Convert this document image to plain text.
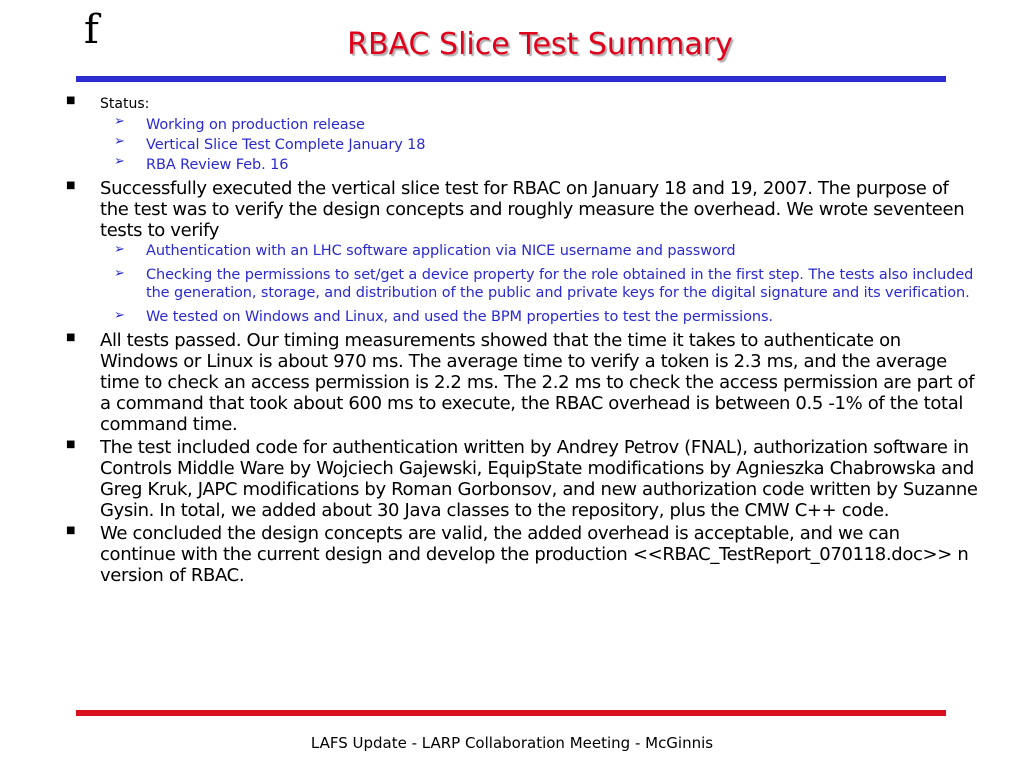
f	RBAC Slice Test Summary
■ Status:
➢ Working on production release
➢ Vertical Slice Test Complete January 18
➢ RBA Review Feb. 16
■ Successfully executed the vertical slice test for RBAC on January 18 and 19, 2007. The purpose of the test was to verify the design concepts and roughly measure the overhead. We wrote seventeen tests to verify
➢ Authentication with an LHC software application via NICE username and password
➢ Checking the permissions to set/get a device property for the role obtained in the first step. The tests also included the generation, storage, and distribution of the public and private keys for the digital signature and its verification.
➢ We tested on Windows and Linux, and used the BPM properties to test the permissions.
■ All tests passed. Our timing measurements showed that the time it takes to authenticate on Windows or Linux is about 970 ms. The average time to verify a token is 2.3 ms, and the average time to check an access permission is 2.2 ms. The 2.2 ms to check the access permission are part of a command that took about 600 ms to execute, the RBAC overhead is between 0.5 -1% of the total command time.
■ The test included code for authentication written by Andrey Petrov (FNAL), authorization software in Controls Middle Ware by Wojciech Gajewski, EquipState modifications by Agnieszka Chabrowska and Greg Kruk, JAPC modifications by Roman Gorbonsov, and new authorization code written by Suzanne Gysin. In total, we added about 30 Java classes to the repository, plus the CMW C++ code.
■ We concluded the design concepts are valid, the added overhead is acceptable, and we can continue with the current design and develop the production <<RBAC_TestReport_070118.doc>> n version of RBAC.
LAFS Update - LARP Collaboration Meeting - McGinnis
